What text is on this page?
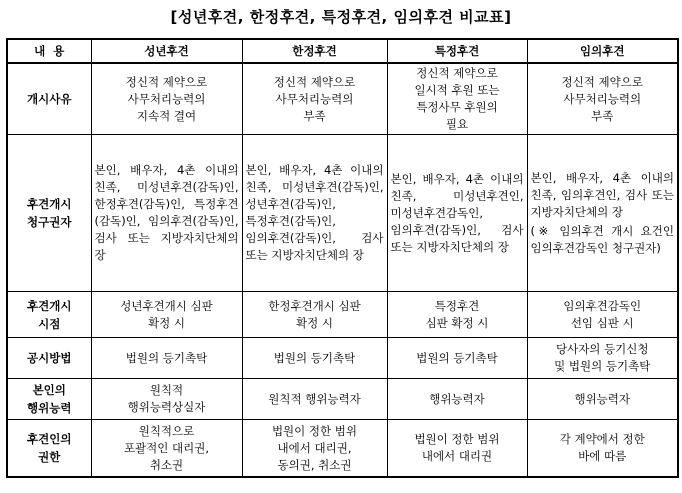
[성년후견, 한정후견, 특정후견, 임의후견 비교표]
내  용	성년후견	한정후견	특정후견	임의후견

개시사유	정신적 제약으로
사무처리능력의
지속적 결여	정신적 제약으로
사무처리능력의
부족	정신적 제약으로
일시적 후원 또는
특정사무 후원의
필요	정신적 제약으로
사무처리능력의
부족

후견개시
청구권자	본인, 배우자, 4촌 이내의 친족, 미성년후견(감독)인, 한정후견(감독)인, 특정후견(감독)인, 임의후견(감독)인, 검사 또는 지방자치단체의 장	본인, 배우자, 4촌 이내의 친족, 미성년후견(감독)인, 성년후견(감독)인, 특정후견(감독)인, 임의후견(감독)인, 검사 또는 지방자치단체의 장	본인, 배우자, 4촌 이내의 친족, 미성년후견인, 미성년후견감독인, 임의후견(감독)인, 검사 또는 지방자치단체의 장	본인, 배우자, 4촌 이내의 친족, 임의후견인, 검사 또는 지방자치단체의 장
(※ 임의후견 개시 요건인 임의후견감독인 청구권자)

후견개시
시점	성년후견개시 심판
확정 시	한정후견개시 심판
확정 시	특정후견
심판 확정 시	임의후견감독인
선임 심판 시

공시방법	법원의 등기촉탁	법원의 등기촉탁	법원의 등기촉탁	당사자의 등기신청
및 법원의 등기촉탁

본인의
행위능력	원칙적
행위능력상실자	원칙적 행위능력자	행위능력자	행위능력자

후견인의
권한	원칙적으로
포괄적인 대리권,
취소권	법원이 정한 범위
내에서 대리권,
동의권, 취소권	법원이 정한 범위
내에서 대리권	각 계약에서 정한
바에 따름
